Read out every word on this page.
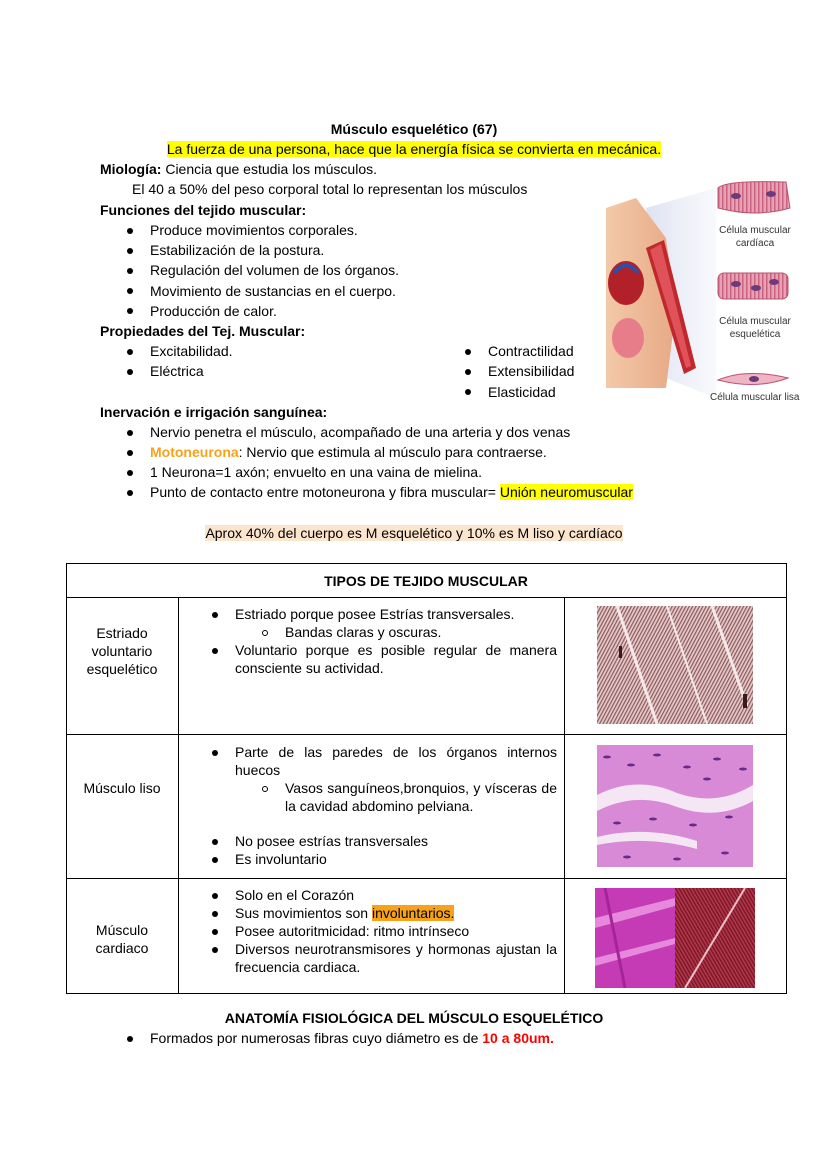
Músculo esquelético (67)
La fuerza de una persona, hace que la energía física se convierta en mecánica.
Miología: Ciencia que estudia los músculos.
El 40 a 50% del peso corporal total lo representan los músculos
Funciones del tejido muscular:
Produce movimientos corporales.
Estabilización de la postura.
Regulación del volumen de los órganos.
Movimiento de sustancias en el cuerpo.
Producción de calor.
Propiedades del Tej. Muscular:
Excitabilidad.
Eléctrica
Contractilidad
Extensibilidad
Elasticidad
Célula muscular cardíaca
Célula muscular esquelética
Célula muscular lisa
Inervación e irrigación sanguínea:
Nervio penetra el músculo, acompañado de una arteria y dos venas
Motoneurona: Nervio que estimula al músculo para contraerse.
1 Neurona=1 axón; envuelto en una vaina de mielina.
Punto de contacto entre motoneurona y fibra muscular= Unión neuromuscular
Aprox 40% del cuerpo es M esquelético y 10% es M liso y cardíaco
TIPOS DE TEJIDO MUSCULAR
Estriado voluntario esquelético
Estriado porque posee Estrías transversales.
Bandas claras y oscuras.
Voluntario porque es posible regular de manera consciente su actividad.
Músculo liso
Parte de las paredes de los órganos internos huecos
Vasos sanguíneos,bronquios, y vísceras de la cavidad abdomino pelviana.
No posee estrías transversales
Es involuntario
Músculo cardiaco
Solo en el Corazón
Sus movimientos son involuntarios.
Posee autoritmicidad: ritmo intrínseco
Diversos neurotransmisores y hormonas ajustan la frecuencia cardiaca.
ANATOMÍA FISIOLÓGICA DEL MÚSCULO ESQUELÉTICO
Formados por numerosas fibras cuyo diámetro es de 10 a 80um.
